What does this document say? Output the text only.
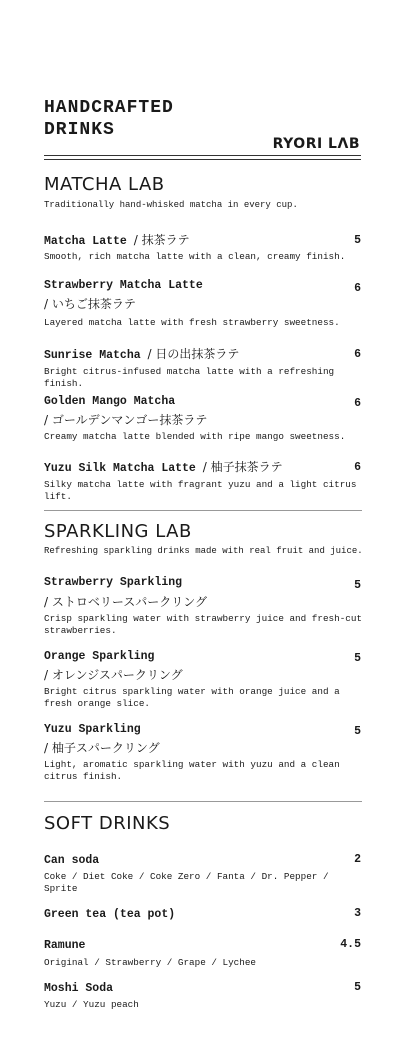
HANDCRAFTED
DRINKS
RYORI LΛB
MATCHA LAB
Traditionally hand-whisked matcha in every cup.
Matcha Latte / 抹茶ラテ	5
Smooth, rich matcha latte with a clean, creamy finish.
Strawberry Matcha Latte
/ いちご抹茶ラテ
6
Layered matcha latte with fresh strawberry sweetness.
Sunrise Matcha / 日の出抹茶ラテ	6
Bright citrus-infused matcha latte with a refreshing finish.
Golden Mango Matcha
/ ゴールデンマンゴー抹茶ラテ
6
Creamy matcha latte blended with ripe mango sweetness.
Yuzu Silk Matcha Latte / 柚子抹茶ラテ	6
Silky matcha latte with fragrant yuzu and a light citrus lift.
SPARKLING LAB
Refreshing sparkling drinks made with real fruit and juice.
Strawberry Sparkling
/ ストロベリースパークリング
5
Crisp sparkling water with strawberry juice and fresh-cut strawberries.
Orange Sparkling
/ オレンジスパークリング
5
Bright citrus sparkling water with orange juice and a fresh orange slice.
Yuzu Sparkling
/ 柚子スパークリング
5
Light, aromatic sparkling water with yuzu and a clean citrus finish.
SOFT DRINKS
Can soda	2
Coke / Diet Coke / Coke Zero / Fanta / Dr. Pepper / Sprite
Green tea (tea pot)	3
Ramune	4.5
Original / Strawberry / Grape / Lychee
Moshi Soda	5
Yuzu / Yuzu peach
